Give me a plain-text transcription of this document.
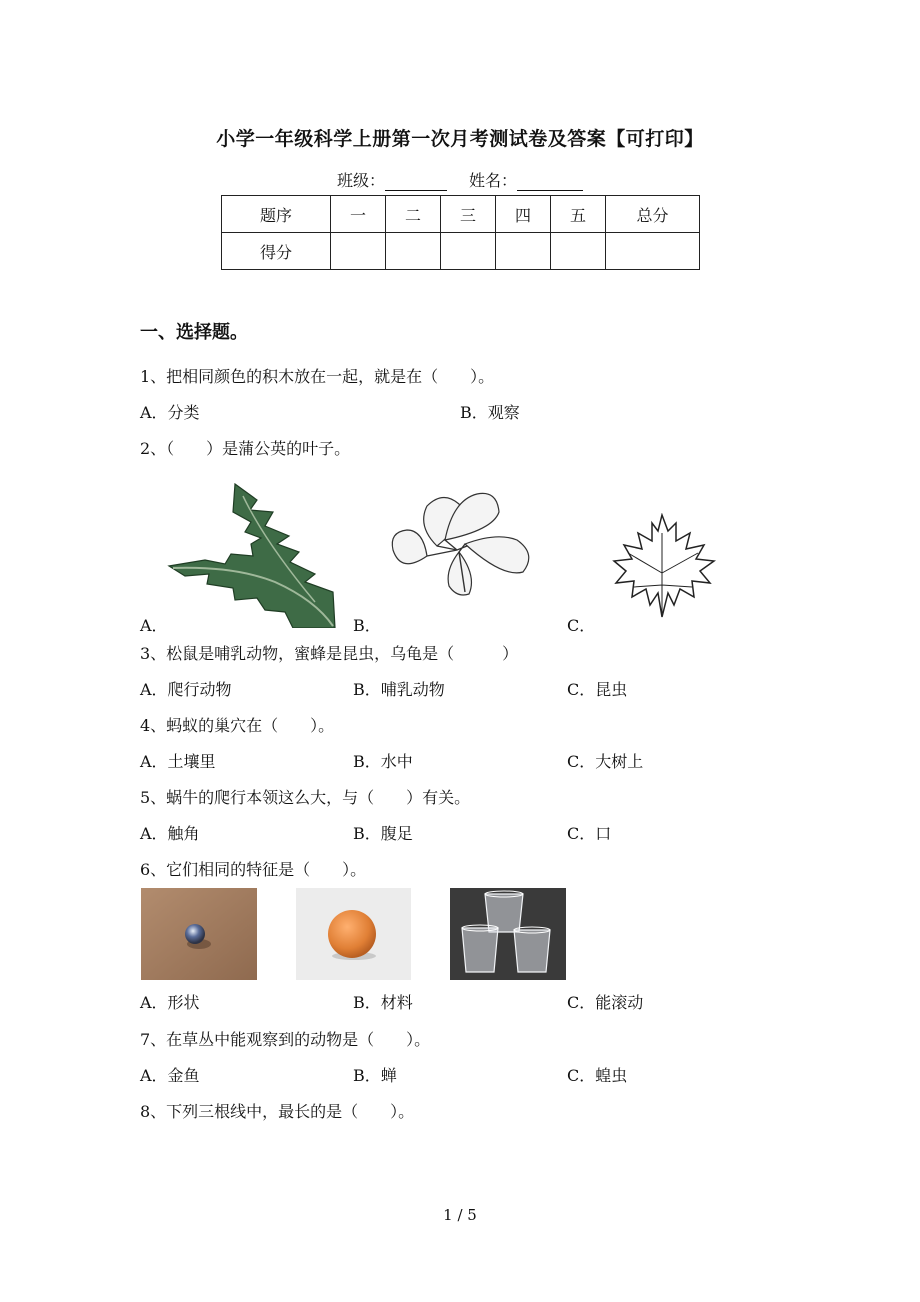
小学一年级科学上册第一次月考测试卷及答案【可打印】
班级：	姓名：
题序	一	二	三	四	五	总分
得分						
一、选择题。
1、把相同颜色的积木放在一起，就是在（　　）。
A．分类	B．观察
2、（　　）是蒲公英的叶子。
A．	B．	C．
3、松鼠是哺乳动物，蜜蜂是昆虫，乌龟是（　　　）
A．爬行动物	B．哺乳动物	C．昆虫
4、蚂蚁的巢穴在（　　）。
A．土壤里	B．水中	C．大树上
5、蜗牛的爬行本领这么大，与（　　）有关。
A．触角	B．腹足	C．口
6、它们相同的特征是（　　）。
A．形状	B．材料	C．能滚动
7、在草丛中能观察到的动物是（　　）。
A．金鱼	B．蝉	C．蝗虫
8、下列三根线中，最长的是（　　）。
1 / 5
